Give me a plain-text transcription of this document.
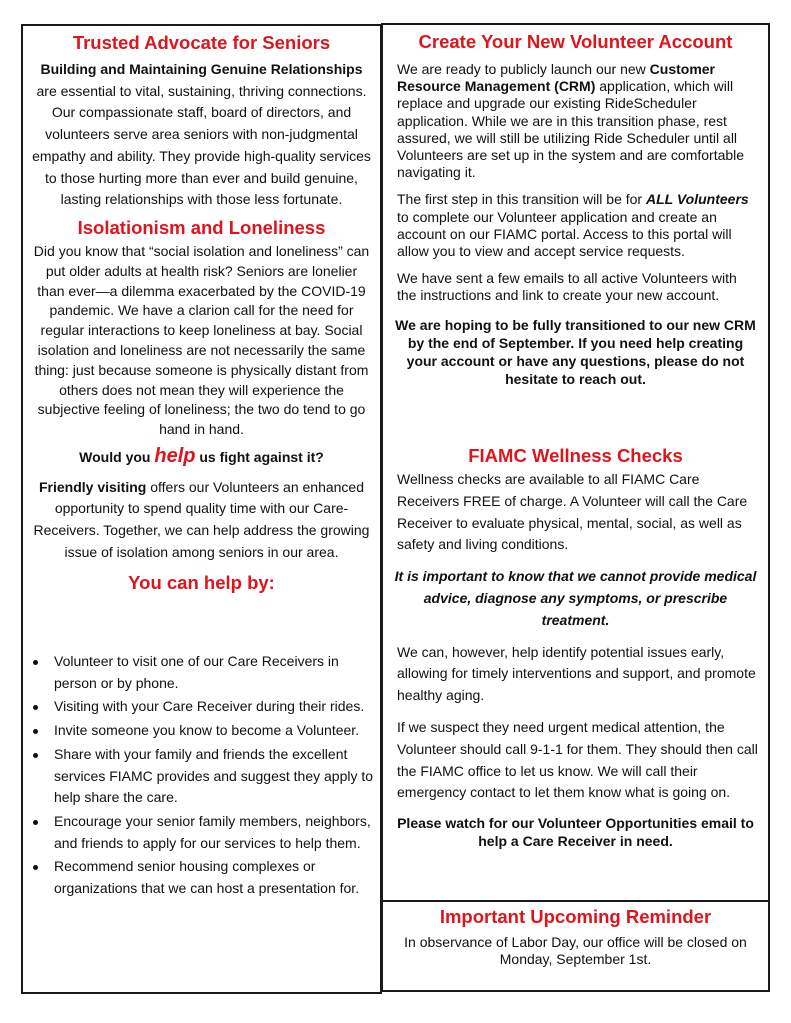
Trusted Advocate for Seniors

Building and Maintaining Genuine Relationships are essential to vital, sustaining, thriving connections. Our compassionate staff, board of directors, and volunteers serve area seniors with non-judgmental empathy and ability. They provide high-quality services to those hurting more than ever and build genuine, lasting relationships with those less fortunate.

Isolationism and Loneliness

Did you know that “social isolation and loneliness” can put older adults at health risk? Seniors are lonelier than ever—a dilemma exacerbated by the COVID-19 pandemic. We have a clarion call for the need for regular interactions to keep loneliness at bay. Social isolation and loneliness are not necessarily the same thing: just because someone is physically distant from others does not mean they will experience the subjective feeling of loneliness; the two do tend to go hand in hand.

Would you help us fight against it?

Friendly visiting offers our Volunteers an enhanced opportunity to spend quality time with our Care-Receivers. Together, we can help address the growing issue of isolation among seniors in our area.

You can help by:
Volunteer to visit one of our Care Receivers in person or by phone.
Visiting with your Care Receiver during their rides.
Invite someone you know to become a Volunteer.
Share with your family and friends the excellent services FIAMC provides and suggest they apply to help share the care.
Encourage your senior family members, neighbors, and friends to apply for our services to help them.
Recommend senior housing complexes or organizations that we can host a presentation for.
Create Your New Volunteer Account

We are ready to publicly launch our new Customer Resource Management (CRM) application, which will replace and upgrade our existing RideScheduler application. While we are in this transition phase, rest assured, we will still be utilizing Ride Scheduler until all Volunteers are set up in the system and are comfortable navigating it.

The first step in this transition will be for ALL Volunteers to complete our Volunteer application and create an account on our FIAMC portal. Access to this portal will allow you to view and accept service requests.

We have sent a few emails to all active Volunteers with the instructions and link to create your new account.

We are hoping to be fully transitioned to our new CRM by the end of September. If you need help creating your account or have any questions, please do not hesitate to reach out.

FIAMC Wellness Checks

Wellness checks are available to all FIAMC Care Receivers FREE of charge. A Volunteer will call the Care Receiver to evaluate physical, mental, social, as well as safety and living conditions.

It is important to know that we cannot provide medical advice, diagnose any symptoms, or prescribe treatment.

We can, however, help identify potential issues early, allowing for timely interventions and support, and promote healthy aging.

If we suspect they need urgent medical attention, the Volunteer should call 9-1-1 for them. They should then call the FIAMC office to let us know. We will call their emergency contact to let them know what is going on.

Please watch for our Volunteer Opportunities email to help a Care Receiver in need.

Important Upcoming Reminder

In observance of Labor Day, our office will be closed on Monday, September 1st.
